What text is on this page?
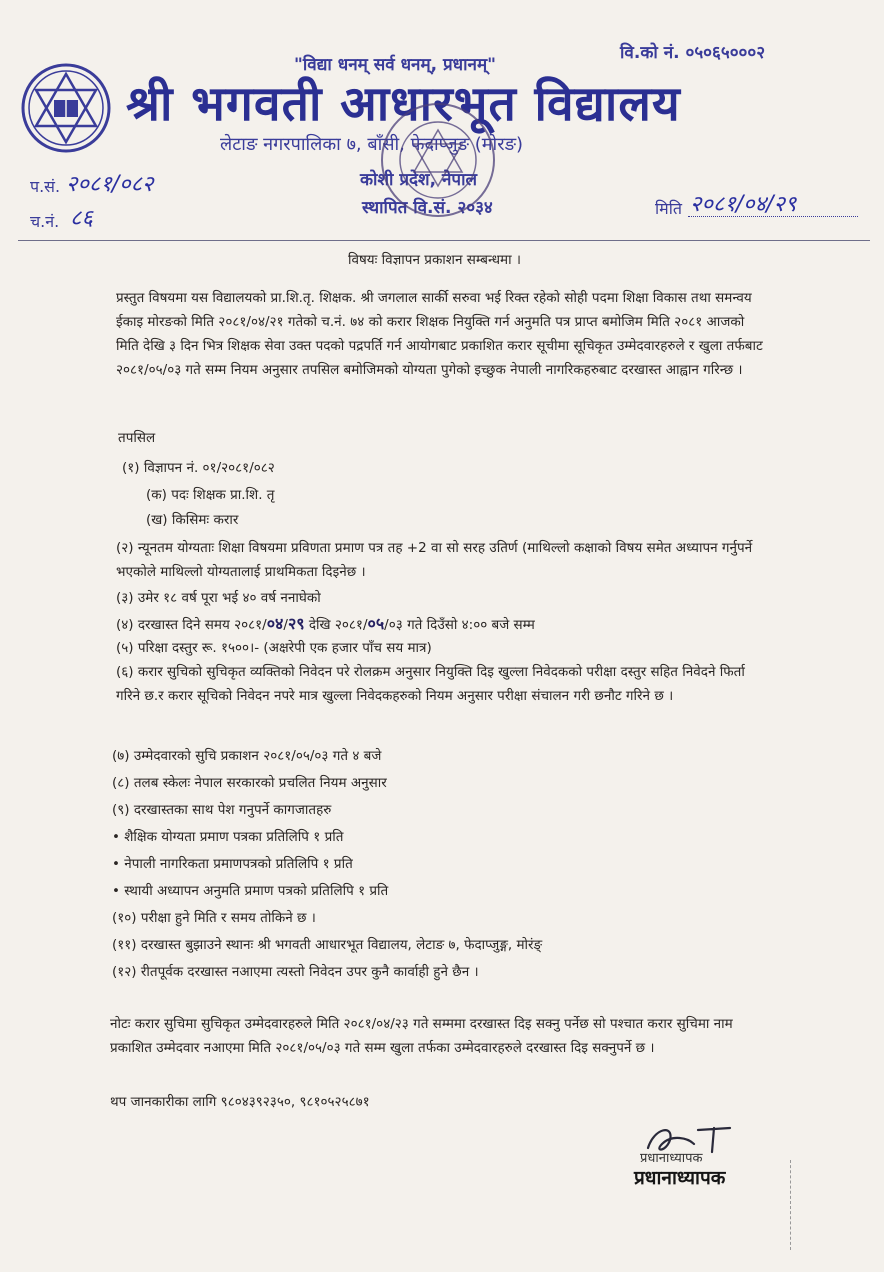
"विद्या धनम् सर्व धनम्, प्रधानम्"
वि.को नं. ०५०६५०००२
श्री भगवती आधारभूत विद्यालय
लेटाङ नगरपालिका ७, बाँसी, फेदाप्जुङ (मोरङ)
कोशी प्रदेश, नेपाल
स्थापित वि.सं. २०३४
प.सं. २०८१/०८२
च.नं. ८६	मिति २०८१/०४/२९
विषयः विज्ञापन प्रकाशन सम्बन्धमा ।

प्रस्तुत विषयमा यस विद्यालयको प्रा.शि.तृ. शिक्षक. श्री जगलाल सार्की सरुवा भई रिक्त रहेको सोही पदमा शिक्षा विकास तथा समन्वय ईकाइ मोरङको मिति २०८१/०४/२१ गतेको च.नं. ७४ को करार शिक्षक नियुक्ति गर्न अनुमति पत्र प्राप्त बमोजिम मिति २०८१ आजको मिति देखि ३ दिन भित्र शिक्षक सेवा उक्त पदको पद्रपर्ति गर्न आयोगबाट प्रकाशित करार सूचीमा सूचिकृत उम्मेदवारहरुले र खुला तर्फबाट २०८१/०५/०३ गते सम्म नियम अनुसार तपसिल बमोजिमको योग्यता पुगेको इच्छुक नेपाली नागरिकहरुबाट दरखास्त आह्वान गरिन्छ ।

तपसिल
(१) विज्ञापन नं. ०१/२०८१/०८२
(क) पदः शिक्षक प्रा.शि. तृ
(ख) किसिमः करार
(२) न्यूनतम योग्यताः शिक्षा विषयमा प्रविणता प्रमाण पत्र तह +2 वा सो सरह उतिर्ण (माथिल्लो कक्षाको विषय समेत अध्यापन गर्नुपर्ने भएकोले माथिल्लो योग्यतालाई प्राथमिकता दिइनेछ ।
(३) उमेर १८ वर्ष पूरा भई ४० वर्ष ननाघेको
(४) दरखास्त दिने समय २०८१/०४/२९ देखि २०८१/०५/०३ गते दिउँसो ४:०० बजे सम्म
(५) परिक्षा दस्तुर रू. १५००।- (अक्षरेपी एक हजार पाँच सय मात्र)
(६) करार सुचिको सुचिकृत व्यक्तिको निवेदन परे रोलक्रम अनुसार नियुक्ति दिइ खुल्ला निवेदकको परीक्षा दस्तुर सहित निवेदने फिर्ता गरिने छ.र करार सूचिको निवेदन नपरे मात्र खुल्ला निवेदकहरुको नियम अनुसार परीक्षा संचालन गरी छनौट गरिने छ ।
(७) उम्मेदवारको सुचि प्रकाशन २०८१/०५/०३ गते ४ बजे
(८) तलब स्केलः नेपाल सरकारको प्रचलित नियम अनुसार
(९) दरखास्तका साथ पेश गनुपर्ने कागजातहरु
• शैक्षिक योग्यता प्रमाण पत्रका प्रतिलिपि १ प्रति
• नेपाली नागरिकता प्रमाणपत्रको प्रतिलिपि १ प्रति
• स्थायी अध्यापन अनुमति प्रमाण पत्रको प्रतिलिपि १ प्रति
(१०) परीक्षा हुने मिति र समय तोकिने छ ।
(११) दरखास्त बुझाउने स्थानः श्री भगवती आधारभूत विद्यालय, लेटाङ ७, फेदाप्जुङ्ग, मोरंङ्
(१२) रीतपूर्वक दरखास्त नआएमा त्यस्तो निवेदन उपर कुनै कार्वाही हुने छैन ।

नोटः करार सुचिमा सुचिकृत उम्मेदवारहरुले मिति २०८१/०४/२३ गते सम्ममा दरखास्त दिइ सक्नु पर्नेछ सो पश्चात करार सुचिमा नाम प्रकाशित उम्मेदवार नआएमा मिति २०८१/०५/०३ गते सम्म खुला तर्फका उम्मेदवारहरुले दरखास्त दिइ सक्नुपर्ने छ ।

थप जानकारीका लागि ९८०४३९२३५०, ९८१०५२५८७१
प्रधानाध्यापक
प्रधानाध्यापक
